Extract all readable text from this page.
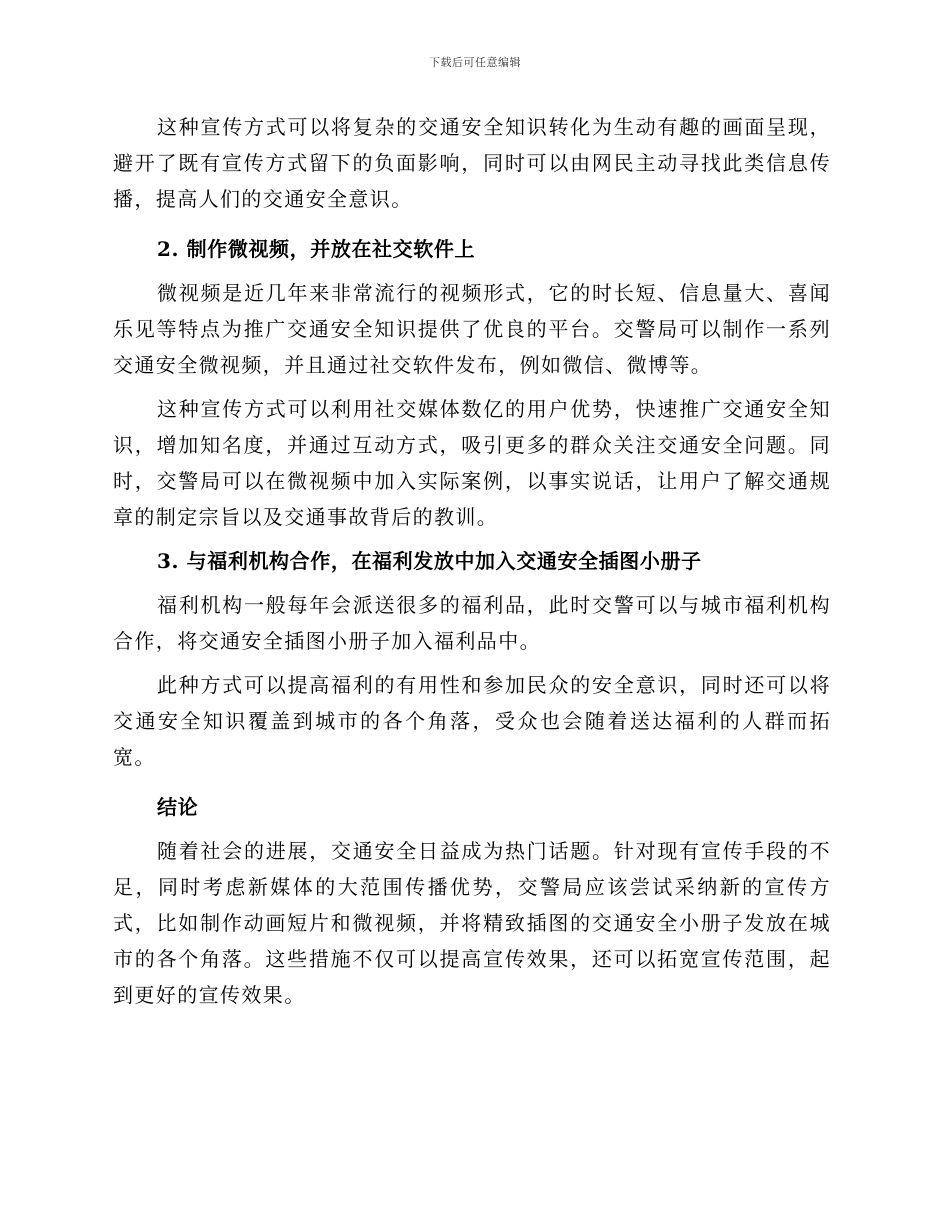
下载后可任意编辑

这种宣传方式可以将复杂的交通安全知识转化为生动有趣的画面呈现，避开了既有宣传方式留下的负面影响，同时可以由网民主动寻找此类信息传播，提高人们的交通安全意识。

2. 制作微视频，并放在社交软件上

微视频是近几年来非常流行的视频形式，它的时长短、信息量大、喜闻乐见等特点为推广交通安全知识提供了优良的平台。交警局可以制作一系列交通安全微视频，并且通过社交软件发布，例如微信、微博等。

这种宣传方式可以利用社交媒体数亿的用户优势，快速推广交通安全知识，增加知名度，并通过互动方式，吸引更多的群众关注交通安全问题。同时，交警局可以在微视频中加入实际案例，以事实说话，让用户了解交通规章的制定宗旨以及交通事故背后的教训。

3. 与福利机构合作，在福利发放中加入交通安全插图小册子

福利机构一般每年会派送很多的福利品，此时交警可以与城市福利机构合作，将交通安全插图小册子加入福利品中。

此种方式可以提高福利的有用性和参加民众的安全意识，同时还可以将交通安全知识覆盖到城市的各个角落，受众也会随着送达福利的人群而拓宽。

结论

随着社会的进展，交通安全日益成为热门话题。针对现有宣传手段的不足，同时考虑新媒体的大范围传播优势，交警局应该尝试采纳新的宣传方式，比如制作动画短片和微视频，并将精致插图的交通安全小册子发放在城市的各个角落。这些措施不仅可以提高宣传效果，还可以拓宽宣传范围，起到更好的宣传效果。
